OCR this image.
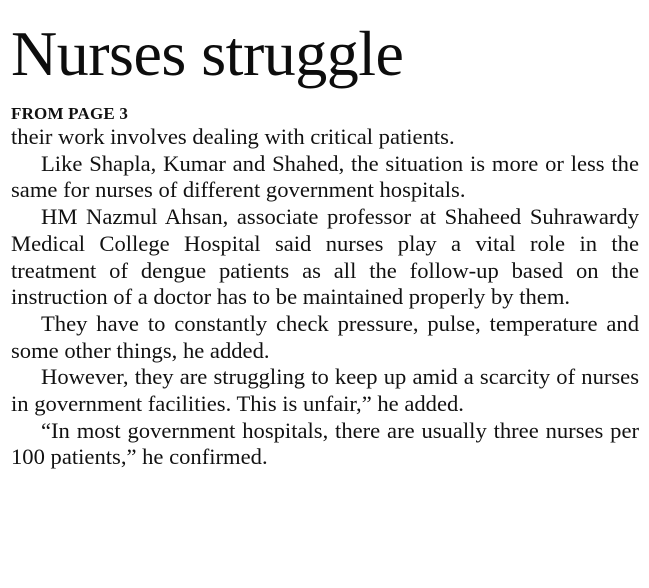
Nurses struggle
FROM PAGE 3

their work involves dealing with critical patients.

Like Shapla, Kumar and Shahed, the situation is more or less the same for nurses of different government hospitals.

HM Nazmul Ahsan, associate professor at Shaheed Suhrawardy Medical College Hospital said nurses play a vital role in the treatment of dengue patients as all the follow-up based on the instruction of a doctor has to be maintained properly by them.

They have to constantly check pressure, pulse, temperature and some other things, he added.

However, they are struggling to keep up amid a scarcity of nurses in government facilities. This is unfair,” he added.

“In most government hospitals, there are usually three nurses per 100 patients,” he confirmed.
